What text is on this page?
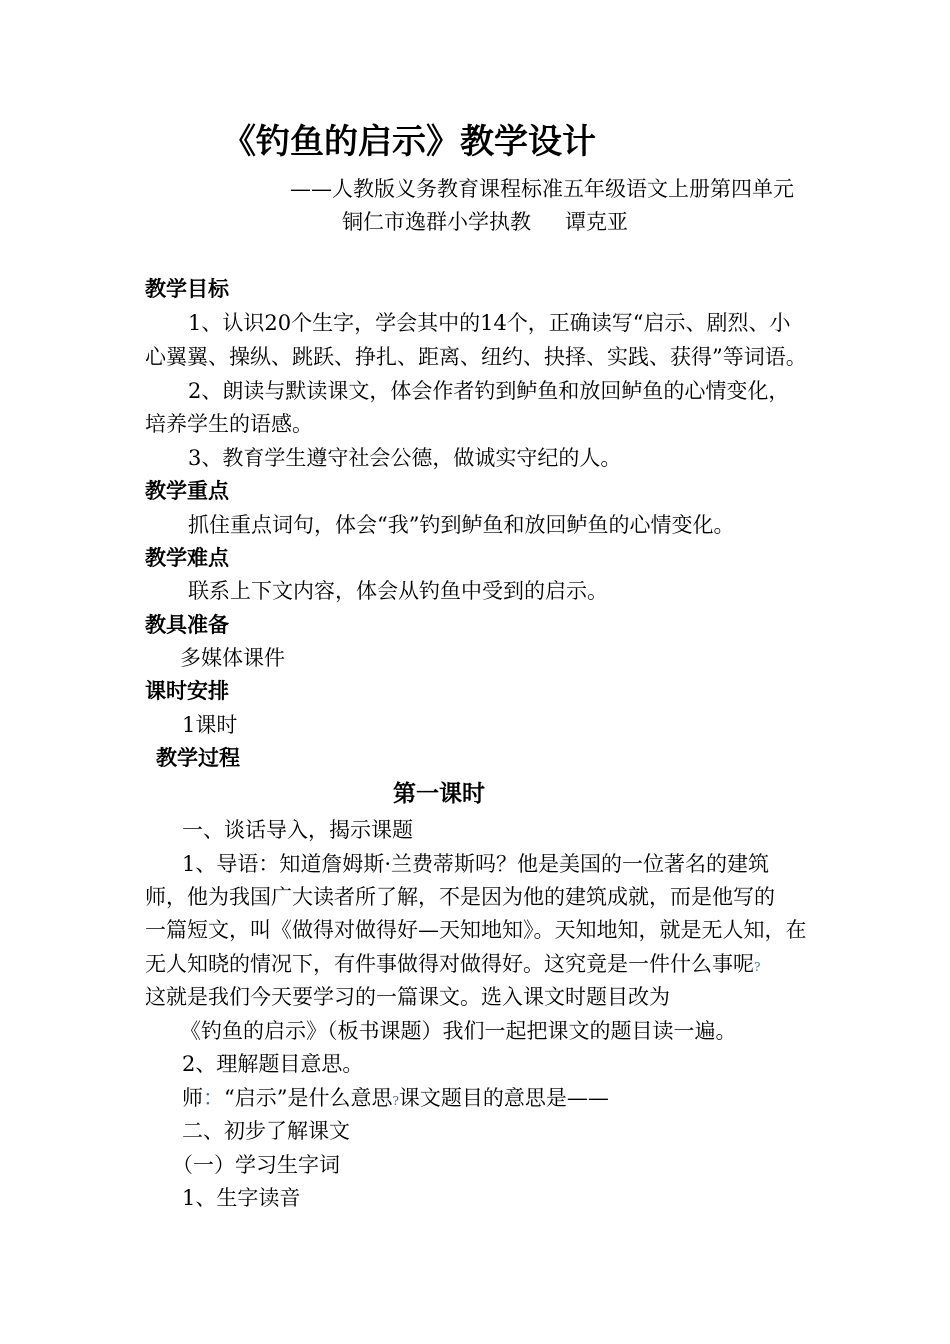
《钓鱼的启示》教学设计
——人教版义务教育课程标准五年级语文上册第四单元
铜仁市逸群小学执教 谭克亚
教学目标
1、认识20个生字，学会其中的14个，正确读写“启示、剧烈、小
心翼翼、操纵、跳跃、挣扎、距离、纽约、抉择、实践、获得”等词语。
2、朗读与默读课文，体会作者钓到鲈鱼和放回鲈鱼的心情变化，
培养学生的语感。
3、教育学生遵守社会公德，做诚实守纪的人。
教学重点
抓住重点词句，体会“我”钓到鲈鱼和放回鲈鱼的心情变化。
教学难点
联系上下文内容，体会从钓鱼中受到的启示。
教具准备
多媒体课件
课时安排
1课时
教学过程
第一课时
一、谈话导入，揭示课题
1、导语：知道詹姆斯·兰费蒂斯吗？他是美国的一位著名的建筑
师，他为我国广大读者所了解，不是因为他的建筑成就，而是他写的
一篇短文，叫《做得对做得好—天知地知》。天知地知，就是无人知，在
无人知晓的情况下，有件事做得对做得好。这究竟是一件什么事呢?
这就是我们今天要学习的一篇课文。选入课文时题目改为
《钓鱼的启示》（板书课题）我们一起把课文的题目读一遍。
2、理解题目意思。
师：“启示”是什么意思?课文题目的意思是——
二、初步了解课文
（一）学习生字词
1、生字读音
